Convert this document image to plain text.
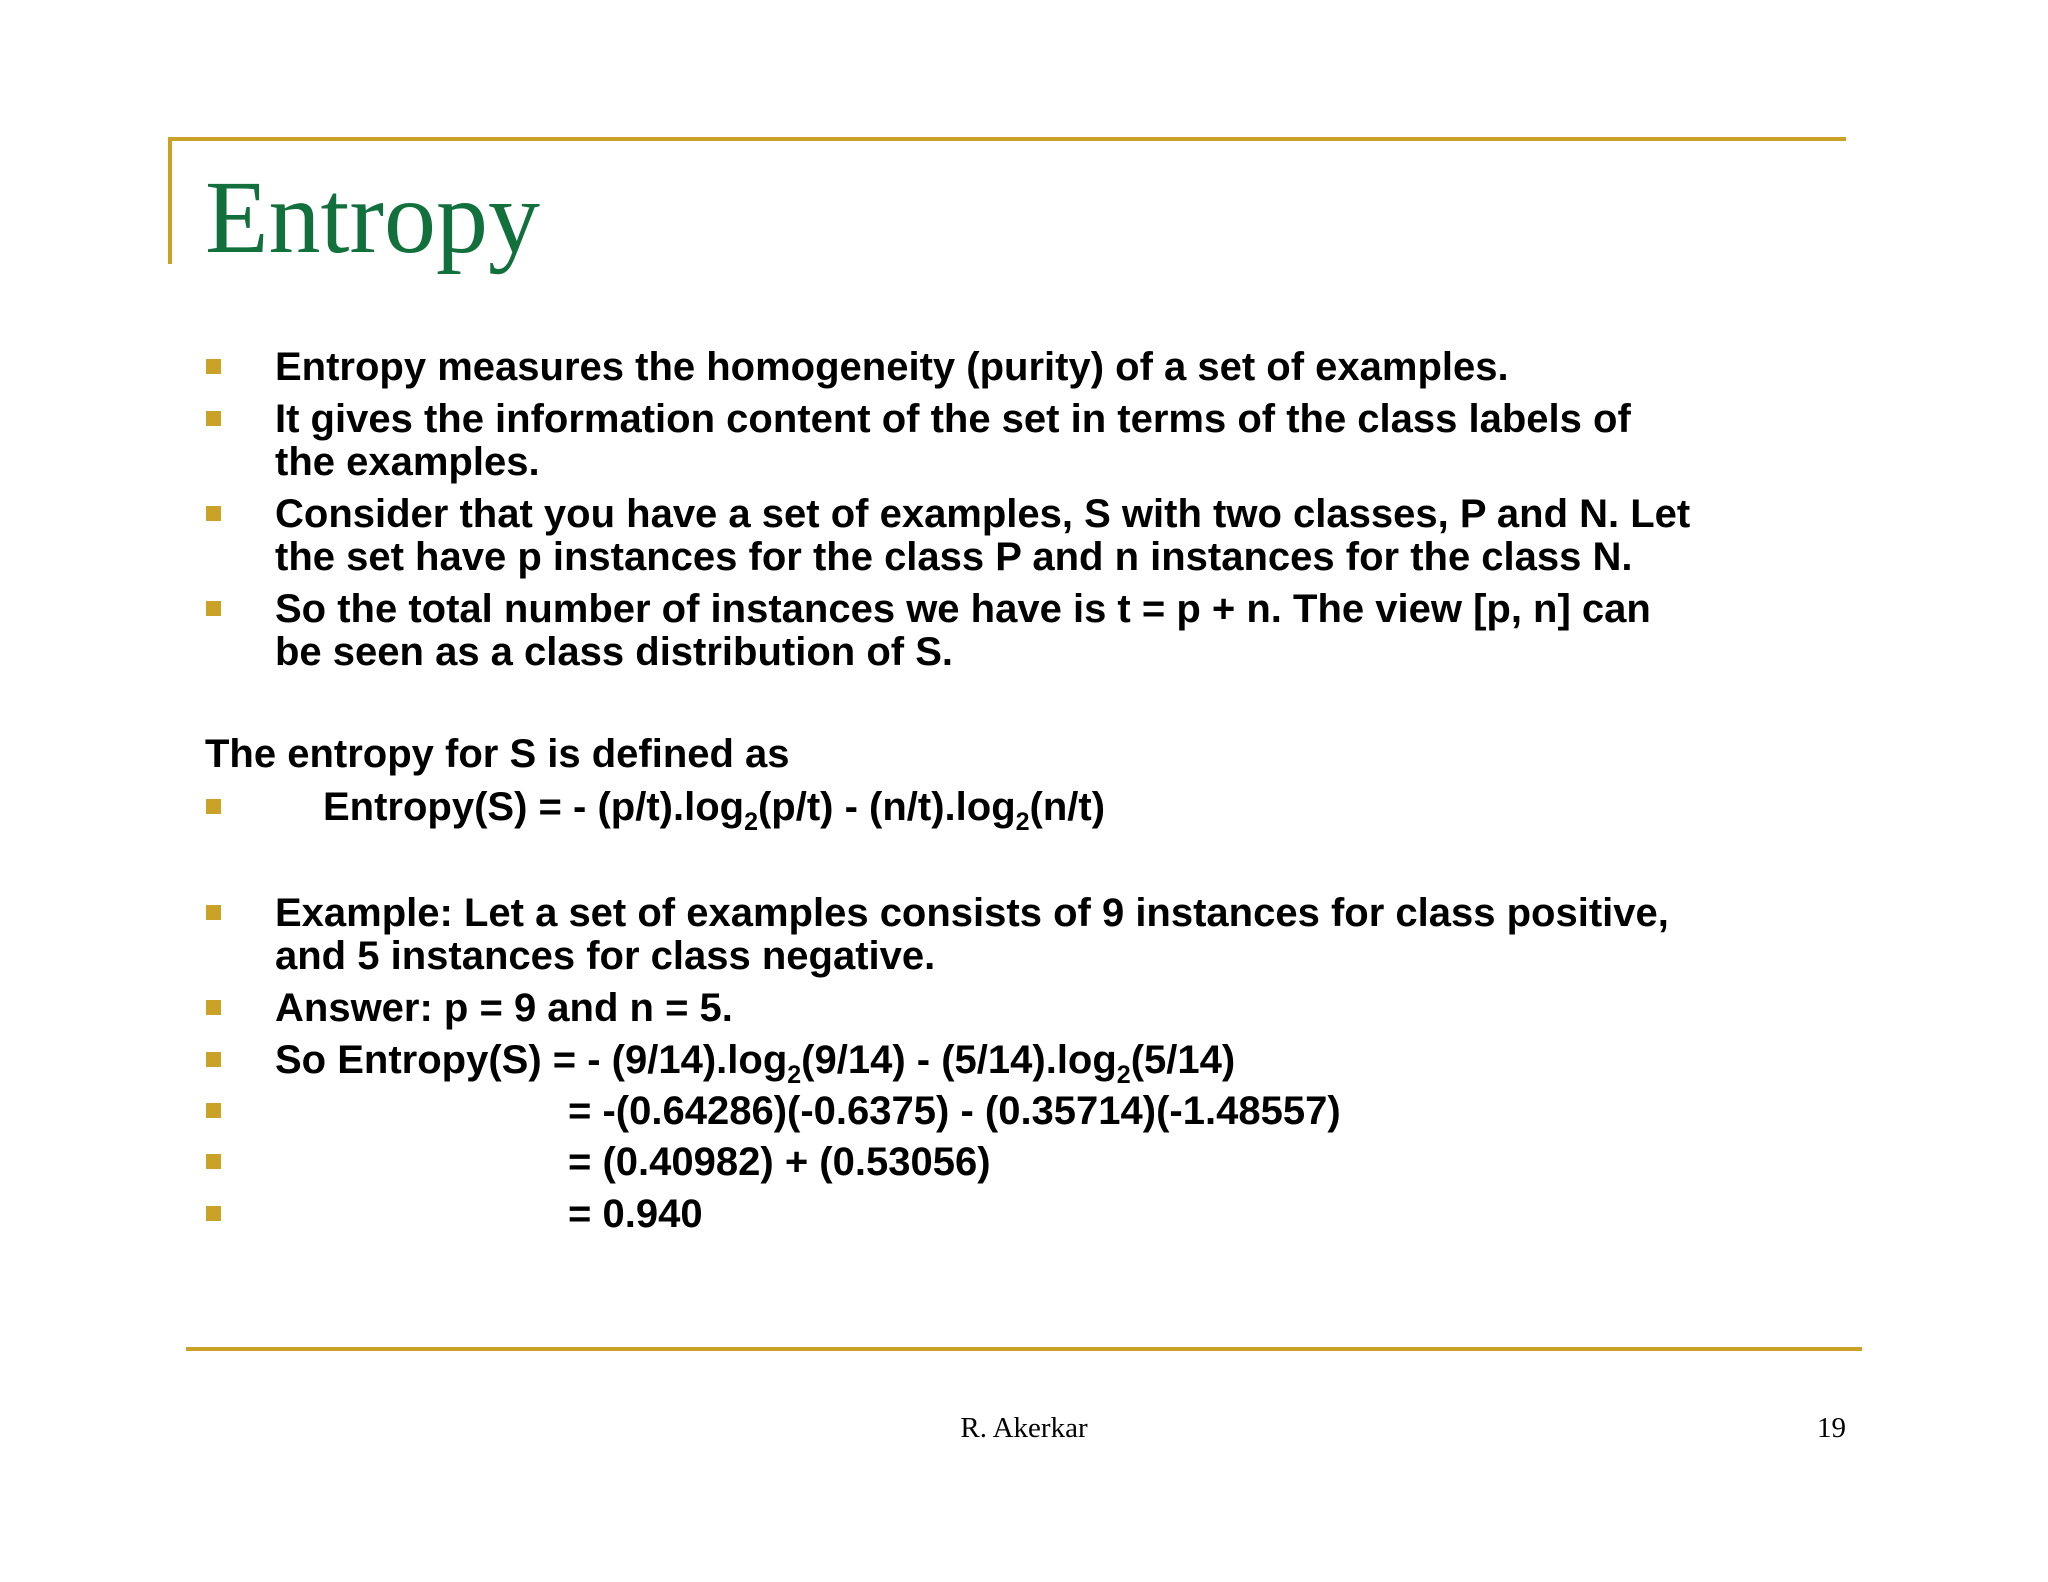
Entropy

Entropy measures the homogeneity (purity) of a set of examples.

It gives the information content of the set in terms of the class labels of
the examples.

Consider that you have a set of examples, S with two classes, P and N. Let
the set have p instances for the class P and n instances for the class N.

So the total number of instances we have is t = p + n. The view [p, n] can
be seen as a class distribution of S.

The entropy for S is defined as

Entropy(S) = - $(p/t).\log_2(p/t) - (n/t).\log_2(n/t)$

Example: Let a set of examples consists of 9 instances for class positive,
and 5 instances for class negative.

Answer: p = 9 and n = 5.

So Entropy(S) = - $(9/14).\log_2(9/14) - (5/14).\log_2(5/14)$

= -(0.64286)(-0.6375) - (0.35714)(-1.48557)

= (0.40982) + (0.53056)

= 0.940

R. Akerkar	19
